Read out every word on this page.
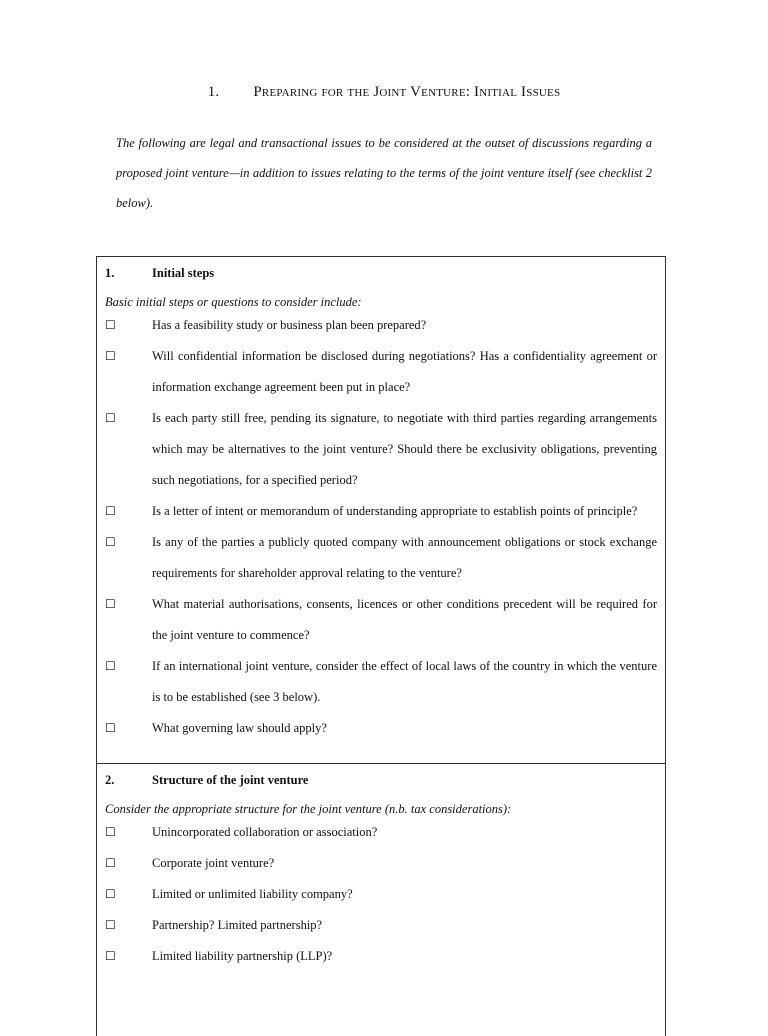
1. Preparing for the Joint Venture: Initial Issues
The following are legal and transactional issues to be considered at the outset of discussions regarding a proposed joint venture—in addition to issues relating to the terms of the joint venture itself (see checklist 2 below).
1.	Initial steps
Basic initial steps or questions to consider include:
☐	Has a feasibility study or business plan been prepared?
☐	Will confidential information be disclosed during negotiations? Has a confidentiality agreement or information exchange agreement been put in place?
☐	Is each party still free, pending its signature, to negotiate with third parties regarding arrangements which may be alternatives to the joint venture? Should there be exclusivity obligations, preventing such negotiations, for a specified period?
☐	Is a letter of intent or memorandum of understanding appropriate to establish points of principle?
☐	Is any of the parties a publicly quoted company with announcement obligations or stock exchange requirements for shareholder approval relating to the venture?
☐	What material authorisations, consents, licences or other conditions precedent will be required for the joint venture to commence?
☐	If an international joint venture, consider the effect of local laws of the country in which the venture is to be established (see 3 below).
☐	What governing law should apply?
2.	Structure of the joint venture
Consider the appropriate structure for the joint venture (n.b. tax considerations):
☐	Unincorporated collaboration or association?
☐	Corporate joint venture?
☐	Limited or unlimited liability company?
☐	Partnership? Limited partnership?
☐	Limited liability partnership (LLP)?
